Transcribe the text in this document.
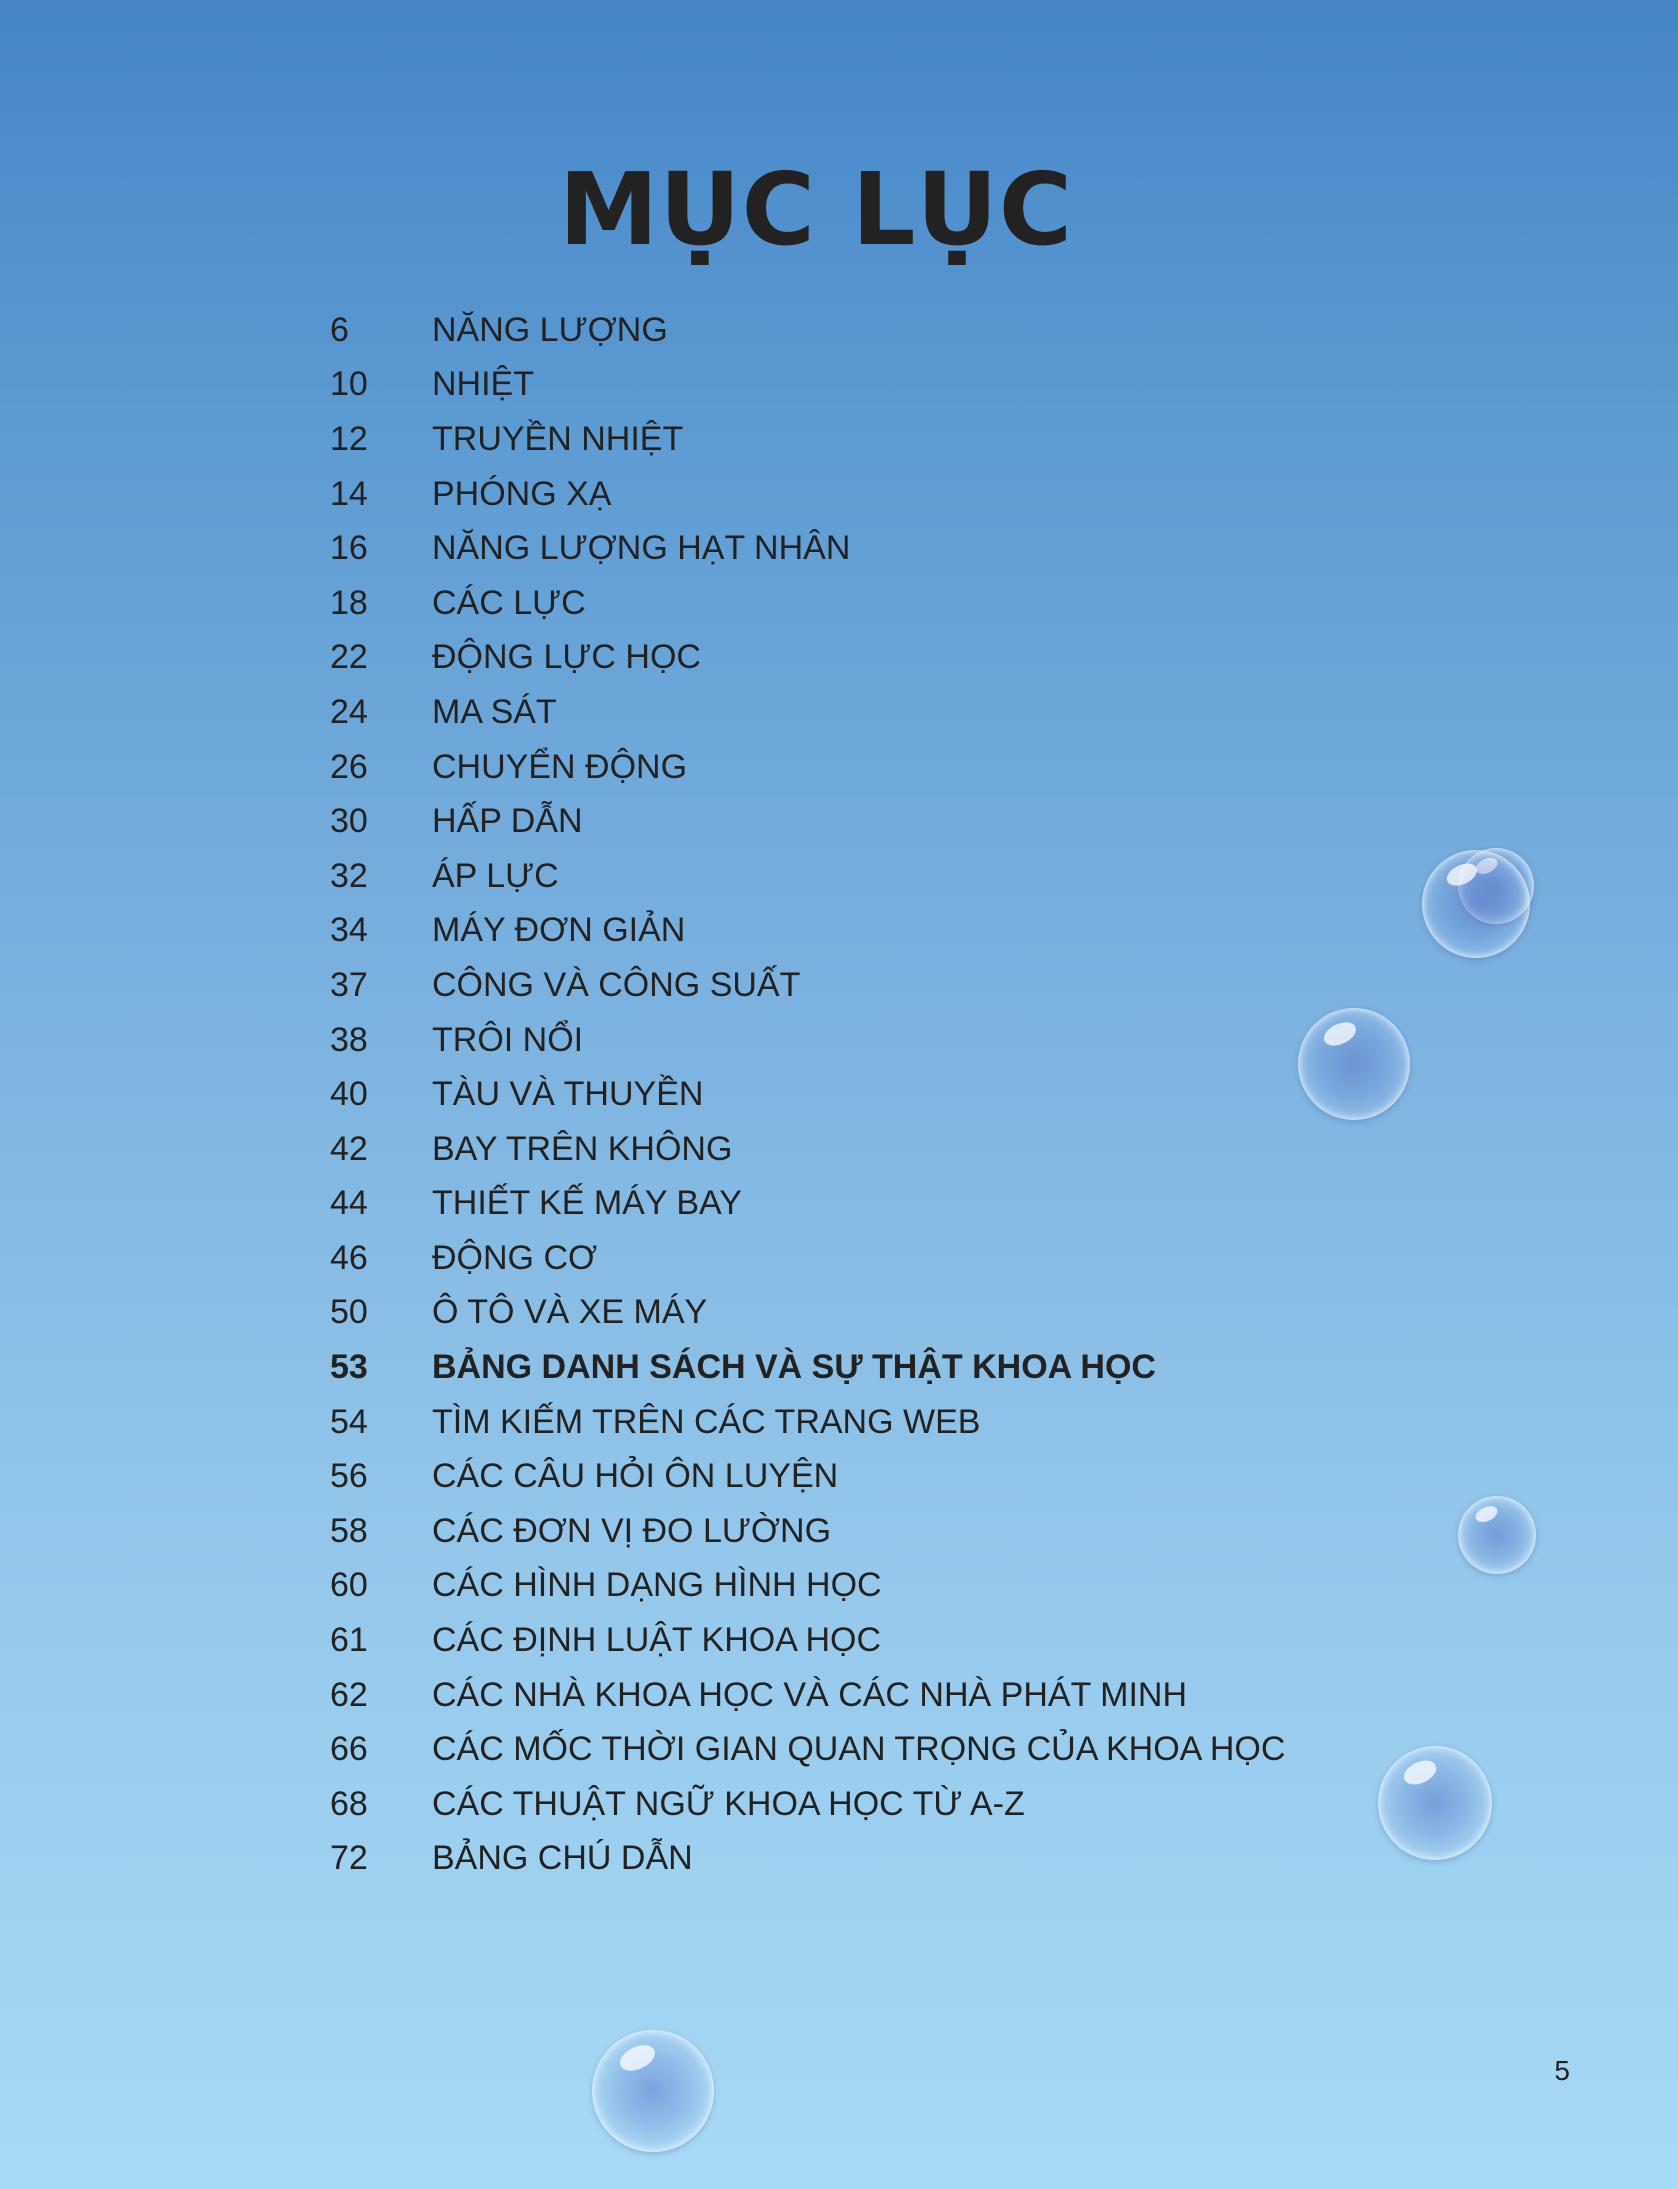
MỤC LỤC
6	NĂNG LƯỢNG
10	NHIỆT
12	TRUYỀN NHIỆT
14	PHÓNG XẠ
16	NĂNG LƯỢNG HẠT NHÂN
18	CÁC LỰC
22	ĐỘNG LỰC HỌC
24	MA SÁT
26	CHUYỂN ĐỘNG
30	HẤP DẪN
32	ÁP LỰC
34	MÁY ĐƠN GIẢN
37	CÔNG VÀ CÔNG SUẤT
38	TRÔI NỔI
40	TÀU VÀ THUYỀN
42	BAY TRÊN KHÔNG
44	THIẾT KẾ MÁY BAY
46	ĐỘNG CƠ
50	Ô TÔ VÀ XE MÁY
53	BẢNG DANH SÁCH VÀ SỰ THẬT KHOA HỌC
54	TÌM KIẾM TRÊN CÁC TRANG WEB
56	CÁC CÂU HỎI ÔN LUYỆN
58	CÁC ĐƠN VỊ ĐO LƯỜNG
60	CÁC HÌNH DẠNG HÌNH HỌC
61	CÁC ĐỊNH LUẬT KHOA HỌC
62	CÁC NHÀ KHOA HỌC VÀ CÁC NHÀ PHÁT MINH
66	CÁC MỐC THỜI GIAN QUAN TRỌNG CỦA KHOA HỌC
68	CÁC THUẬT NGỮ KHOA HỌC TỪ A-Z
72	BẢNG CHÚ DẪN
5
